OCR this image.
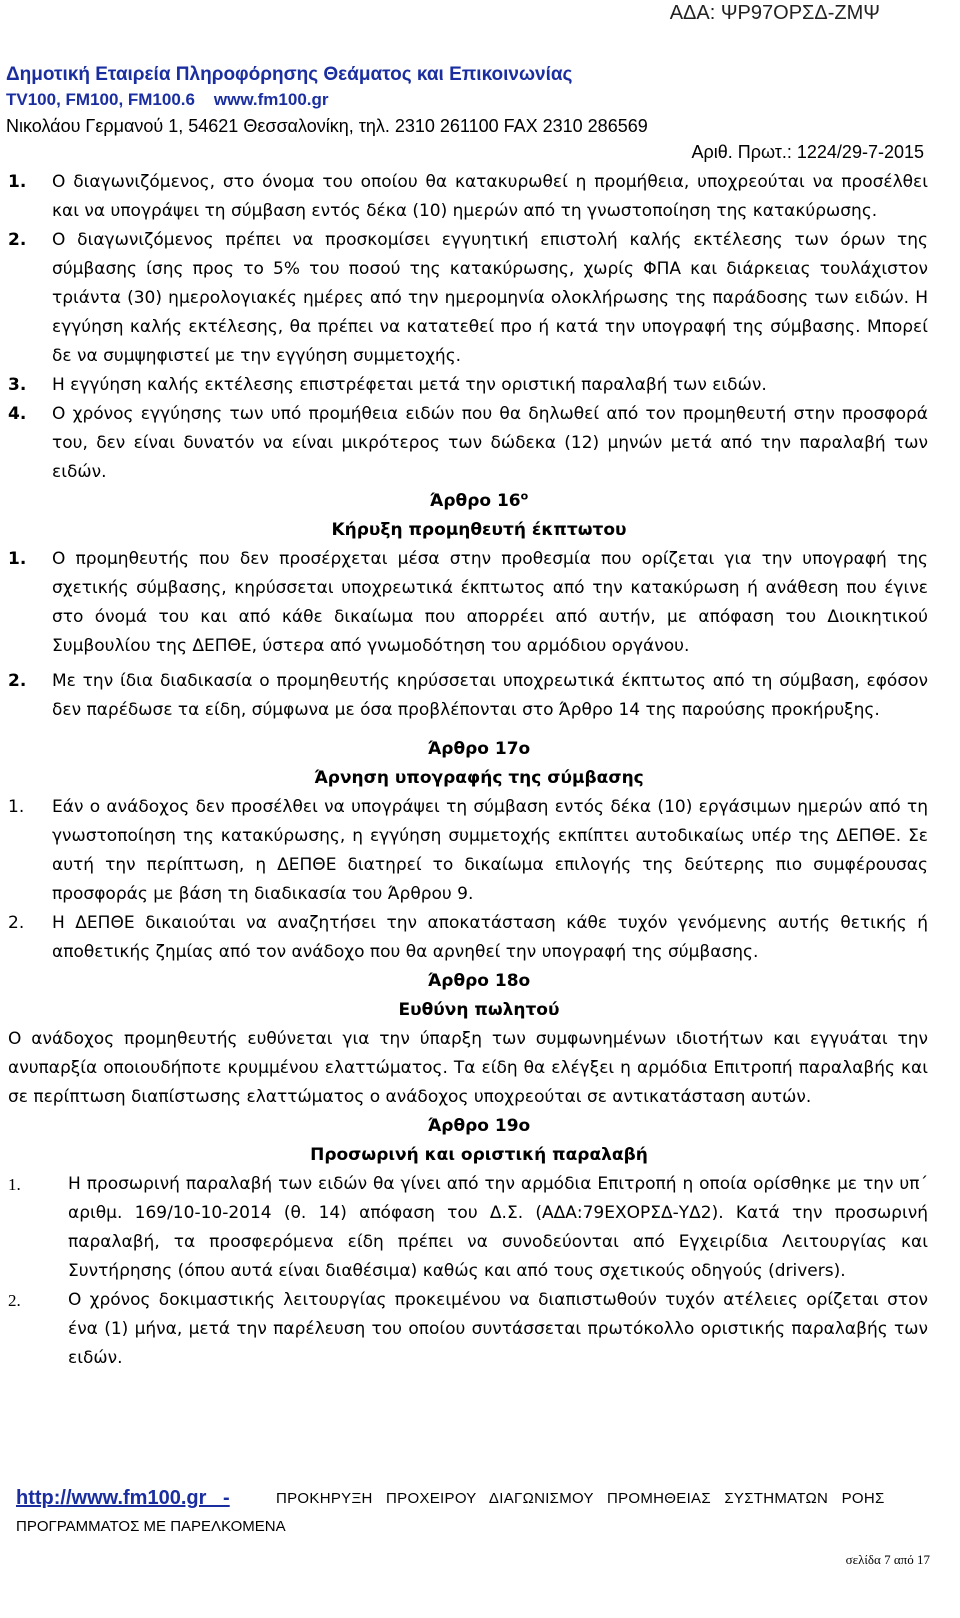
ΑΔΑ: ΨΡ97ΟΡΣΔ-ΖΜΨ
Δημοτική Εταιρεία Πληροφόρησης Θεάματος και Επικοινωνίας
TV100, FM100, FM100.6    www.fm100.gr
Νικολάου Γερμανού 1, 54621 Θεσσαλονίκη, τηλ. 2310 261100 FAX 2310 286569
Αριθ. Πρωτ.: 1224/29-7-2015
1. Ο διαγωνιζόμενος, στο όνομα του οποίου θα κατακυρωθεί η προμήθεια, υποχρεούται να προσέλθει και να υπογράψει τη σύμβαση εντός δέκα (10) ημερών από τη γνωστοποίηση της κατακύρωσης.
2. Ο διαγωνιζόμενος πρέπει να προσκομίσει εγγυητική επιστολή καλής εκτέλεσης των όρων της σύμβασης ίσης προς το 5% του ποσού της κατακύρωσης, χωρίς ΦΠΑ και διάρκειας τουλάχιστον τριάντα (30) ημερολογιακές ημέρες από την ημερομηνία ολοκλήρωσης της παράδοσης των ειδών. Η εγγύηση καλής εκτέλεσης, θα πρέπει να κατατεθεί προ ή κατά την υπογραφή της σύμβασης. Μπορεί δε να συμψηφιστεί με την εγγύηση συμμετοχής.
3. Η εγγύηση καλής εκτέλεσης επιστρέφεται μετά την οριστική παραλαβή των ειδών.
4. Ο χρόνος εγγύησης των υπό προμήθεια ειδών που θα δηλωθεί από τον προμηθευτή στην προσφορά του, δεν είναι δυνατόν να είναι μικρότερος των δώδεκα (12) μηνών μετά από την παραλαβή των ειδών.
Άρθρο $16^o$
Κήρυξη προμηθευτή έκπτωτου
1. Ο προμηθευτής που δεν προσέρχεται μέσα στην προθεσμία που ορίζεται για την υπογραφή της σχετικής σύμβασης, κηρύσσεται υποχρεωτικά έκπτωτος από την κατακύρωση ή ανάθεση που έγινε στο όνομά του και από κάθε δικαίωμα που απορρέει από αυτήν, με απόφαση του Διοικητικού Συμβουλίου της ΔΕΠΘΕ, ύστερα από γνωμοδότηση του αρμόδιου οργάνου.
2. Με την ίδια διαδικασία ο προμηθευτής κηρύσσεται υποχρεωτικά έκπτωτος από τη σύμβαση, εφόσον δεν παρέδωσε τα είδη, σύμφωνα με όσα προβλέπονται στο Άρθρο 14 της παρούσης προκήρυξης.
Άρθρο 17ο
Άρνηση υπογραφής της σύμβασης
1. Εάν ο ανάδοχος δεν προσέλθει να υπογράψει τη σύμβαση εντός δέκα (10) εργάσιμων ημερών από τη γνωστοποίηση της κατακύρωσης, η εγγύηση συμμετοχής εκπίπτει αυτοδικαίως υπέρ της ΔΕΠΘΕ. Σε αυτή την περίπτωση, η ΔΕΠΘΕ διατηρεί το δικαίωμα επιλογής της δεύτερης πιο συμφέρουσας προσφοράς με βάση τη διαδικασία του Άρθρου 9.
2. Η ΔΕΠΘΕ δικαιούται να αναζητήσει την αποκατάσταση κάθε τυχόν γενόμενης αυτής θετικής ή αποθετικής ζημίας από τον ανάδοχο που θα αρνηθεί την υπογραφή της σύμβασης.
Άρθρο 18ο
Ευθύνη πωλητού
Ο ανάδοχος προμηθευτής ευθύνεται για την ύπαρξη των συμφωνημένων ιδιοτήτων και εγγυάται την ανυπαρξία οποιουδήποτε κρυμμένου ελαττώματος. Τα είδη θα ελέγξει η αρμόδια Επιτροπή παραλαβής και σε περίπτωση διαπίστωσης ελαττώματος ο ανάδοχος υποχρεούται σε αντικατάσταση αυτών.
Άρθρο 19ο
Προσωρινή και οριστική παραλαβή
1.	Η προσωρινή παραλαβή των ειδών θα γίνει από την αρμόδια Επιτροπή η οποία ορίσθηκε με την υπ΄ αριθμ. 169/10-10-2014 (θ. 14) απόφαση του Δ.Σ. (ΑΔΑ:79ΕΧΟΡΣΔ-ΥΔ2). Κατά την προσωρινή παραλαβή, τα προσφερόμενα είδη πρέπει να συνοδεύονται από Εγχειρίδια Λειτουργίας και Συντήρησης (όπου αυτά είναι διαθέσιμα) καθώς και από τους σχετικούς οδηγούς (drivers).
2.	Ο χρόνος δοκιμαστικής λειτουργίας προκειμένου να διαπιστωθούν τυχόν ατέλειες ορίζεται στον ένα (1) μήνα, μετά την παρέλευση του οποίου συντάσσεται πρωτόκολλο οριστικής παραλαβής των ειδών.
http://www.fm100.gr   -	ΠΡΟΚΗΡΥΞΗ   ΠΡΟΧΕΙΡΟΥ   ΔΙΑΓΩΝΙΣΜΟΥ   ΠΡΟΜΗΘΕΙΑΣ   ΣΥΣΤΗΜΑΤΩΝ   ΡΟΗΣ
ΠΡΟΓΡΑΜΜΑΤΟΣ ΜΕ ΠΑΡΕΛΚΟΜΕΝΑ
σελίδα 7 από 17
